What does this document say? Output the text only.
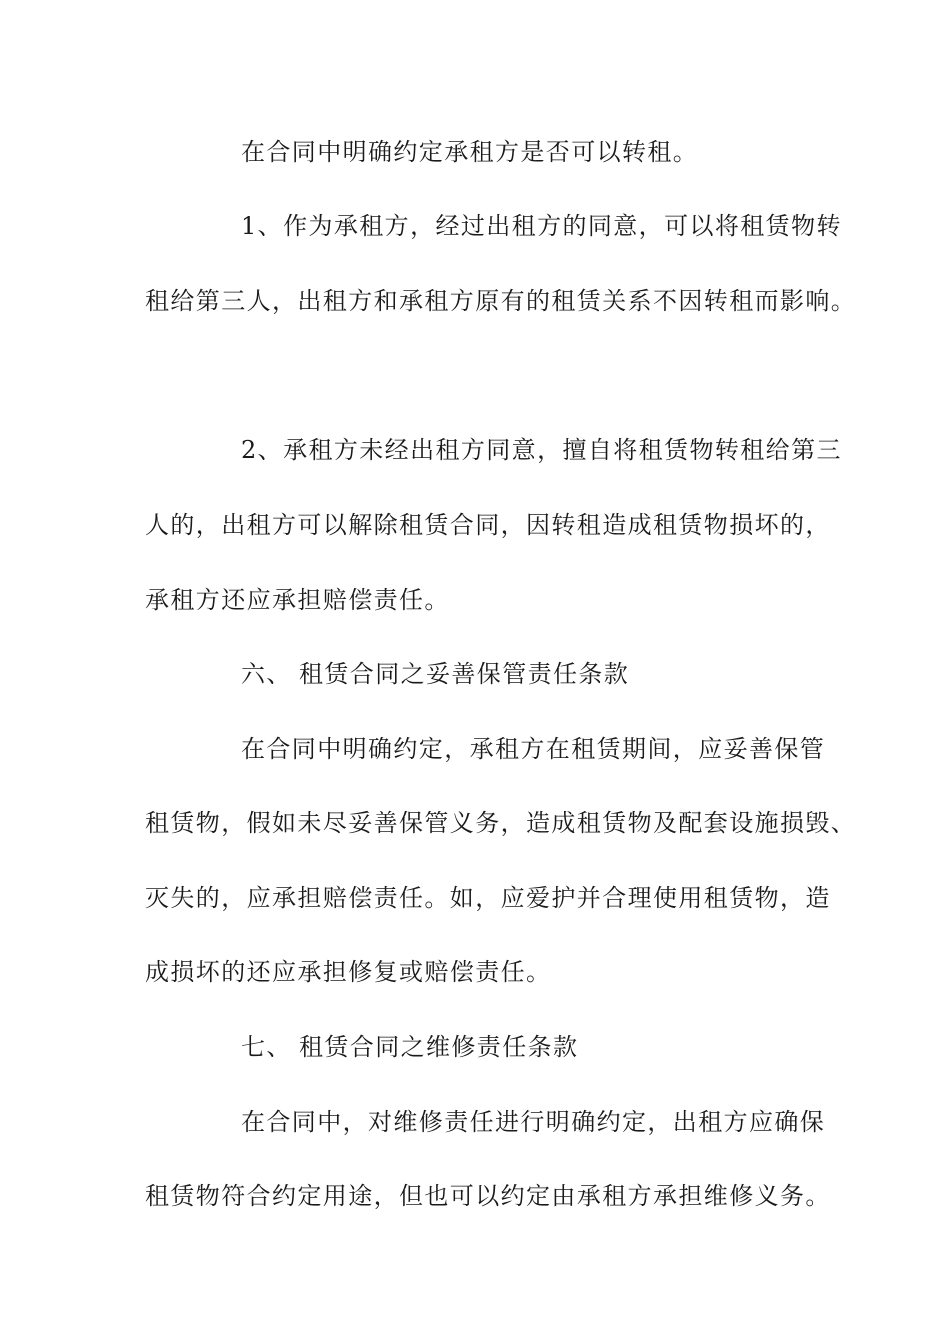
在合同中明确约定承租方是否可以转租。
1、作为承租方，经过出租方的同意，可以将租赁物转
租给第三人，出租方和承租方原有的租赁关系不因转租而影响。
2、承租方未经出租方同意，擅自将租赁物转租给第三
人的，出租方可以解除租赁合同，因转租造成租赁物损坏的，
承租方还应承担赔偿责任。
六、 租赁合同之妥善保管责任条款
在合同中明确约定，承租方在租赁期间，应妥善保管
租赁物，假如未尽妥善保管义务，造成租赁物及配套设施损毁、
灭失的，应承担赔偿责任。如，应爱护并合理使用租赁物，造
成损坏的还应承担修复或赔偿责任。
七、 租赁合同之维修责任条款
在合同中，对维修责任进行明确约定，出租方应确保
租赁物符合约定用途，但也可以约定由承租方承担维修义务。
